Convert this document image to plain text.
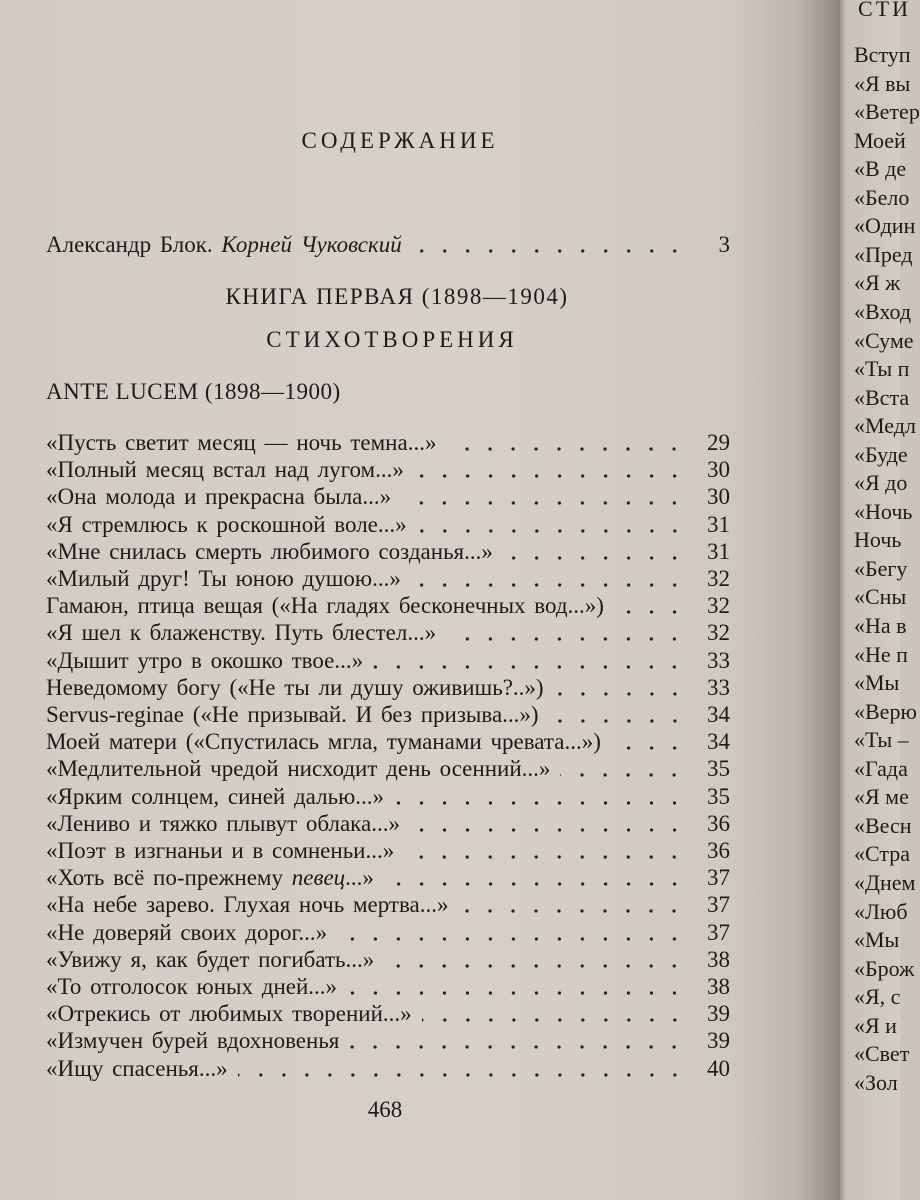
СОДЕРЖАНИЕ
Александр Блок. Корней Чуковский	3
КНИГА ПЕРВАЯ (1898—1904)
СТИХОТВОРЕНИЯ
ANTE LUCEM (1898—1900)
«Пусть светит месяц — ночь темна...»	29
«Полный месяц встал над лугом...»	30
«Она молода и прекрасна была...»	30
«Я стремлюсь к роскошной воле...»	31
«Мне снилась смерть любимого созданья...»	31
«Милый друг! Ты юною душою...»	32
Гамаюн, птица вещая («На гладях бесконечных вод...»)	32
«Я шел к блаженству. Путь блестел...»	32
«Дышит утро в окошко твое...»	33
Неведомому богу («Не ты ли душу оживишь?..»)	33
Servus-reginae («Не призывай. И без призыва...»)	34
Моей матери («Спустилась мгла, туманами чревата...»)	34
«Медлительной чредой нисходит день осенний...»	35
«Ярким солнцем, синей далью...»	35
«Лениво и тяжко плывут облака...»	36
«Поэт в изгнаньи и в сомненьи...»	36
«Хоть всё по-прежнему певец ...»	37
«На небе зарево. Глухая ночь мертва...»	37
«Не доверяй своих дорог...»	37
«Увижу я, как будет погибать...»	38
«То отголосок юных дней...»	38
«Отрекись от любимых творений...»	39
«Измучен бурей вдохновенья	39
«Ищу спасенья...»	40
468
СТИ
Вступ
«Я вы
«Ветер
Моей
«В де
«Бело
«Один
«Пред
«Я ж
«Вход
«Суме
«Ты п
«Вста
«Медл
«Буде
«Я до
«Ночь
Ночь
«Бегу
«Сны
«На в
«Не п
«Мы
«Верю
«Ты –
«Гада
«Я ме
«Весн
«Стра
«Днем
«Люб
«Мы
«Брож
«Я, с
«Я и
«Свет
«Зол
